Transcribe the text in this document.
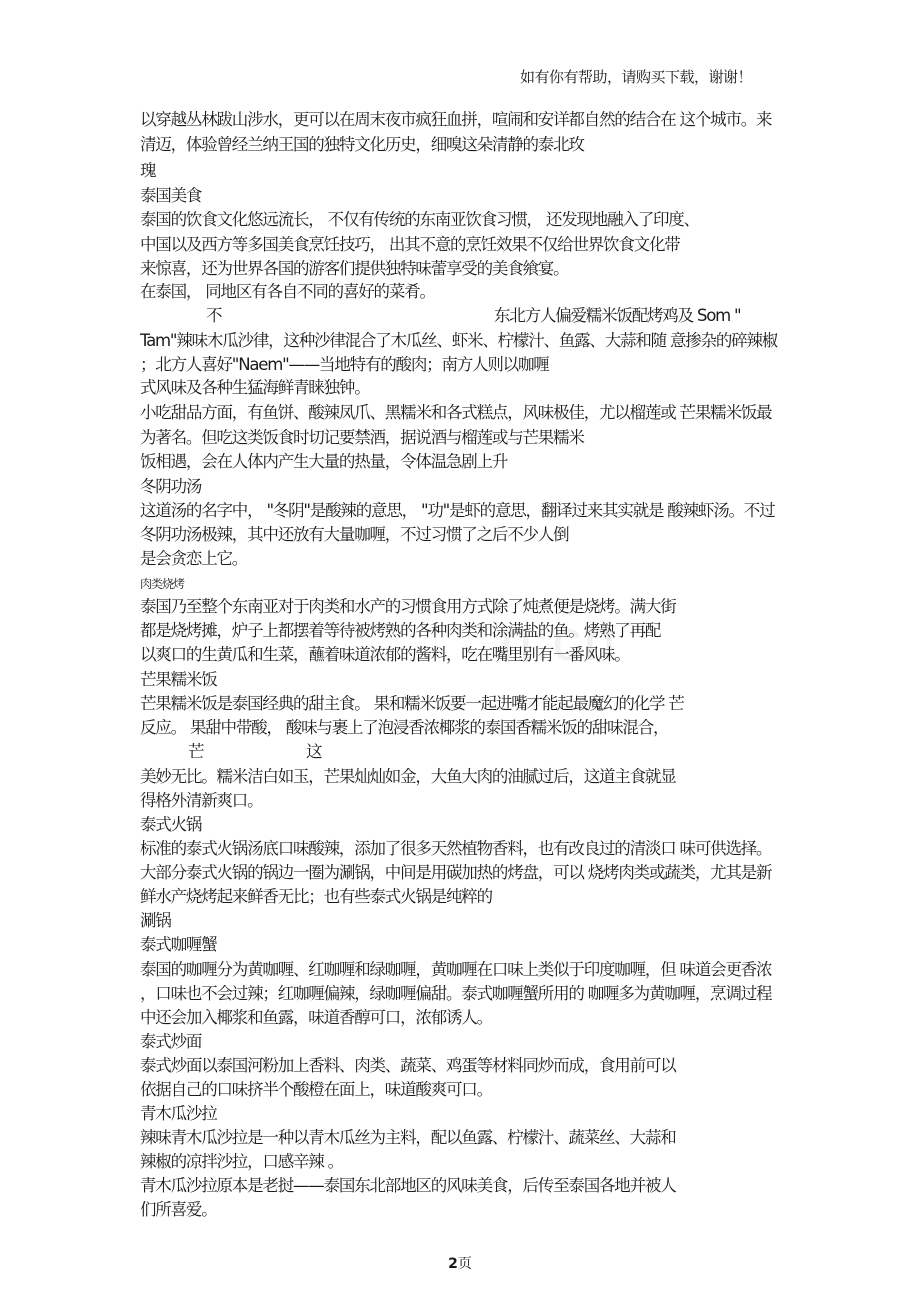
如有你有帮助，请购买下载，谢谢！
n.cn
以穿越丛林跋山涉水，更可以在周末夜市疯狂血拼，喧闹和安详都自然的结合在 这个城市。来
清迈，体验曾经兰纳王国的独特文化历史，细嗅这朵清静的泰北玫
瑰
泰国美食
泰国的饮食文化悠远流长， 不仅有传统的东南亚饮食习惯， 还发现地融入了印度、
中国以及西方等多国美食烹饪技巧， 出其不意的烹饪效果不仅给世界饮食文化带
来惊喜，还为世界各国的游客们提供独特味蕾享受的美食飨宴。
在泰国， 同地区有各自不同的喜好的菜肴。
不	东北方人偏爱糯米饭配烤鸡及 Som "
Tam"辣味木瓜沙律，这种沙律混合了木瓜丝、虾米、柠檬汁、鱼露、大蒜和随 意掺杂的碎辣椒
；北方人喜好"Naem"——当地特有的酸肉；南方人则以咖喱
式风味及各种生猛海鲜青睐独钟。
小吃甜品方面，有鱼饼、酸辣凤爪、黑糯米和各式糕点，风味极佳，尤以榴莲或 芒果糯米饭最
为著名。但吃这类饭食时切记要禁酒，据说酒与榴莲或与芒果糯米
饭相遇，会在人体内产生大量的热量，令体温急剧上升
冬阴功汤
这道汤的名字中， "冬阴"是酸辣的意思， "功"是虾的意思，翻译过来其实就是 酸辣虾汤。不过
冬阴功汤极辣，其中还放有大量咖喱，不过习惯了之后不少人倒
是会贪恋上它。
肉类烧烤
泰国乃至整个东南亚对于肉类和水产的习惯食用方式除了炖煮便是烧烤。满大街
都是烧烤摊，炉子上都摆着等待被烤熟的各种肉类和涂满盐的鱼。烤熟了再配
以爽口的生黄瓜和生菜，蘸着味道浓郁的酱料，吃在嘴里别有一番风味。
芒果糯米饭
芒果糯米饭是泰国经典的甜主食。 果和糯米饭要一起进嘴才能起最魔幻的化学 芒
反应。 果甜中带酸， 酸味与裹上了泡浸香浓椰浆的泰国香糯米饭的甜味混合，
芒	这
美妙无比。糯米洁白如玉，芒果灿灿如金，大鱼大肉的油腻过后，这道主食就显
得格外清新爽口。
泰式火锅
标准的泰式火锅汤底口味酸辣，添加了很多天然植物香料，也有改良过的清淡口 味可供选择。
大部分泰式火锅的锅边一圈为涮锅，中间是用碳加热的烤盘，可以 烧烤肉类或蔬类，尤其是新
鲜水产烧烤起来鲜香无比；也有些泰式火锅是纯粹的
涮锅
泰式咖喱蟹
泰国的咖喱分为黄咖喱、红咖喱和绿咖喱，黄咖喱在口味上类似于印度咖喱，但 味道会更香浓
，口味也不会过辣；红咖喱偏辣，绿咖喱偏甜。泰式咖喱蟹所用的 咖喱多为黄咖喱，烹调过程
中还会加入椰浆和鱼露，味道香醇可口，浓郁诱人。
泰式炒面
泰式炒面以泰国河粉加上香料、肉类、蔬菜、鸡蛋等材料同炒而成，食用前可以
依据自己的口味挤半个酸橙在面上，味道酸爽可口。
青木瓜沙拉
辣味青木瓜沙拉是一种以青木瓜丝为主料，配以鱼露、柠檬汁、蔬菜丝、大蒜和
辣椒的凉拌沙拉，口感辛辣 。
青木瓜沙拉原本是老挝——泰国东北部地区的风味美食，后传至泰国各地并被人
们所喜爱。
2页
